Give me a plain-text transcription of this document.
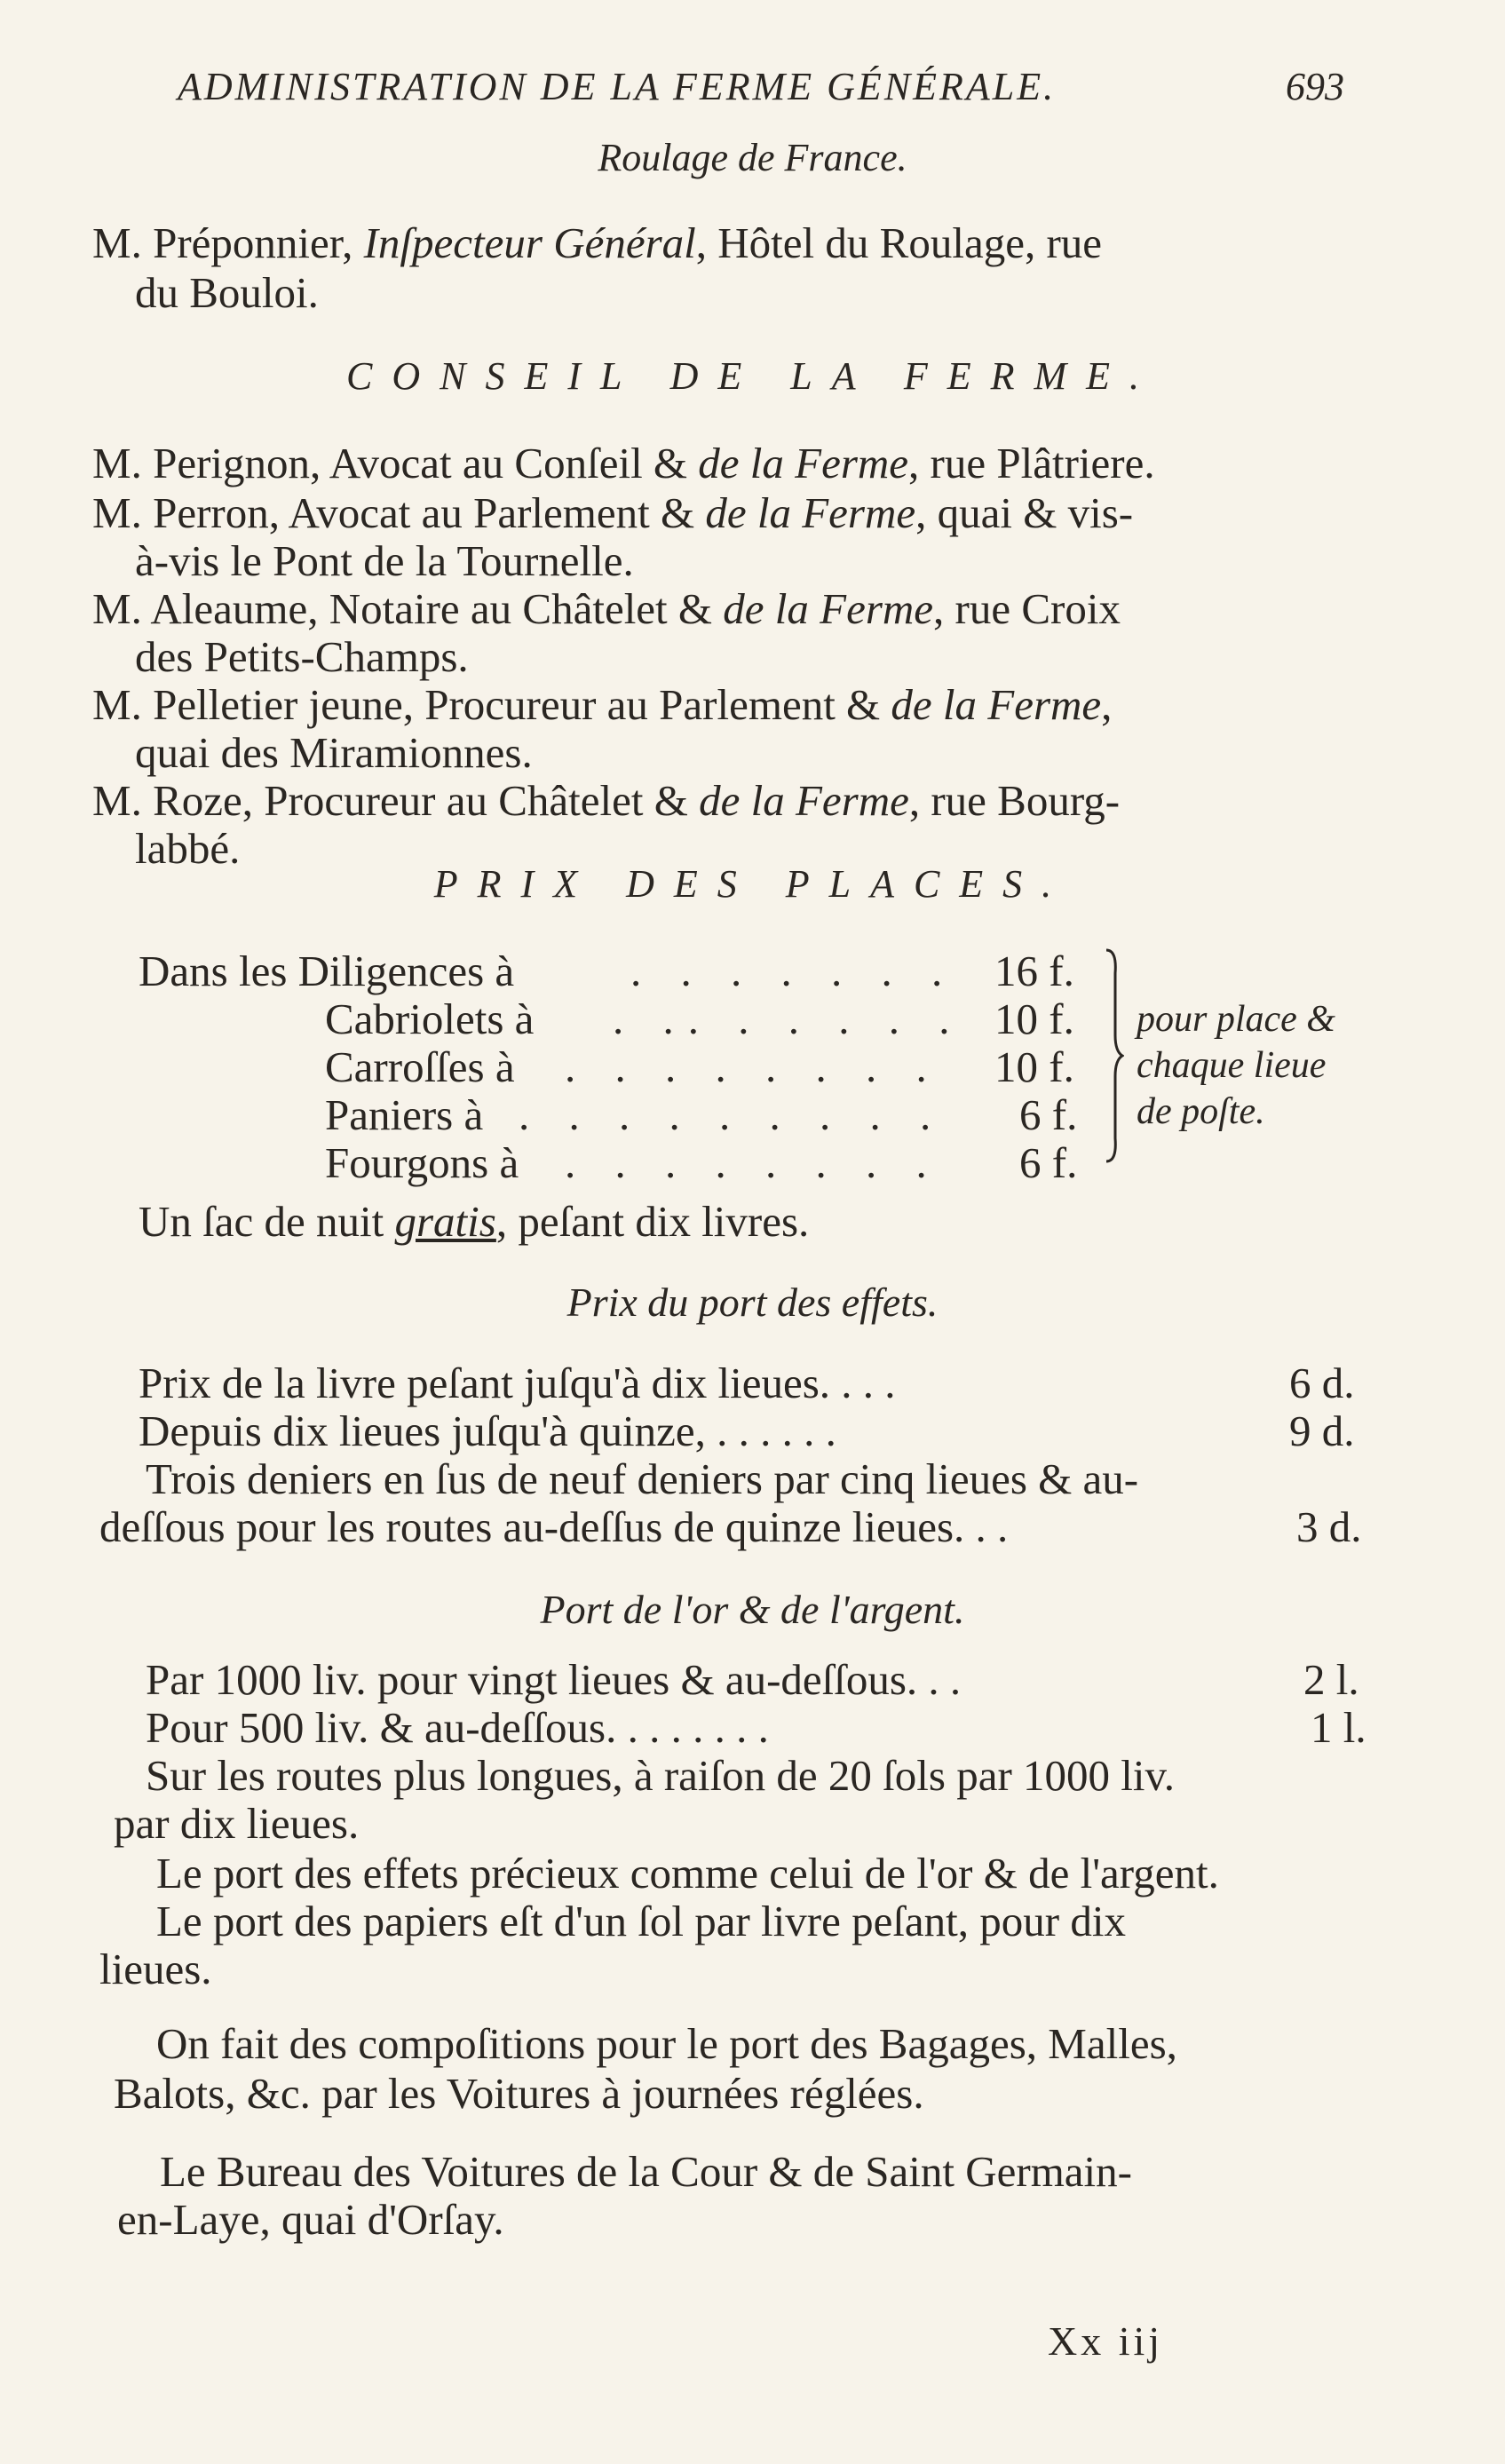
ADMINISTRATION DE LA FERME GÉNÉRALE.	693
Roulage de France.
M. Préponnier, Inſpecteur Général, Hôtel du Roulage, rue
du Bouloi.
CONSEIL DE LA FERME.
M. Perignon, Avocat au Conſeil & de la Ferme, rue Plâtriere.
M. Perron, Avocat au Parlement & de la Ferme, quai & vis-
à-vis le Pont de la Tournelle.
M. Aleaume, Notaire au Châtelet & de la Ferme, rue Croix
des Petits-Champs.
M. Pelletier jeune, Procureur au Parlement & de la Ferme,
quai des Miramionnes.
M. Roze, Procureur au Châtelet & de la Ferme, rue Bourg-
labbé.
PRIX DES PLACES.
Dans les Diligences à	. . . . . . . 16 f.
Cabriolets à . .. . . . . . 10 f.
Carroſſes à . . . . . . . . 10 f.
Paniers à . . . . . . . . . 6 f.
Fourgons à . . . . . . . . 6 f.
pour place &
chaque lieue
de poſte.
Un ſac de nuit gratis, peſant dix livres.
Prix du port des effets.
Prix de la livre peſant juſqu'à dix lieues. . . .	6 d.
Depuis dix lieues juſqu'à quinze, . . . . . .	9 d.
Trois deniers en ſus de neuf deniers par cinq lieues & au-
deſſous pour les routes au-deſſus de quinze lieues. . .	3 d.
Port de l'or & de l'argent.
Par 1000 liv. pour vingt lieues & au-deſſous. . .	2 l.
Pour 500 liv. & au-deſſous. . . . . . . .	1 l.
Sur les routes plus longues, à raiſon de 20 ſols par 1000 liv.
par dix lieues.
Le port des effets précieux comme celui de l'or & de l'argent.
Le port des papiers eſt d'un ſol par livre peſant, pour dix
lieues.
On fait des compoſitions pour le port des Bagages, Malles,
Balots, &c. par les Voitures à journées réglées.
Le Bureau des Voitures de la Cour & de Saint Germain-
en-Laye, quai d'Orſay.
Xx iij
